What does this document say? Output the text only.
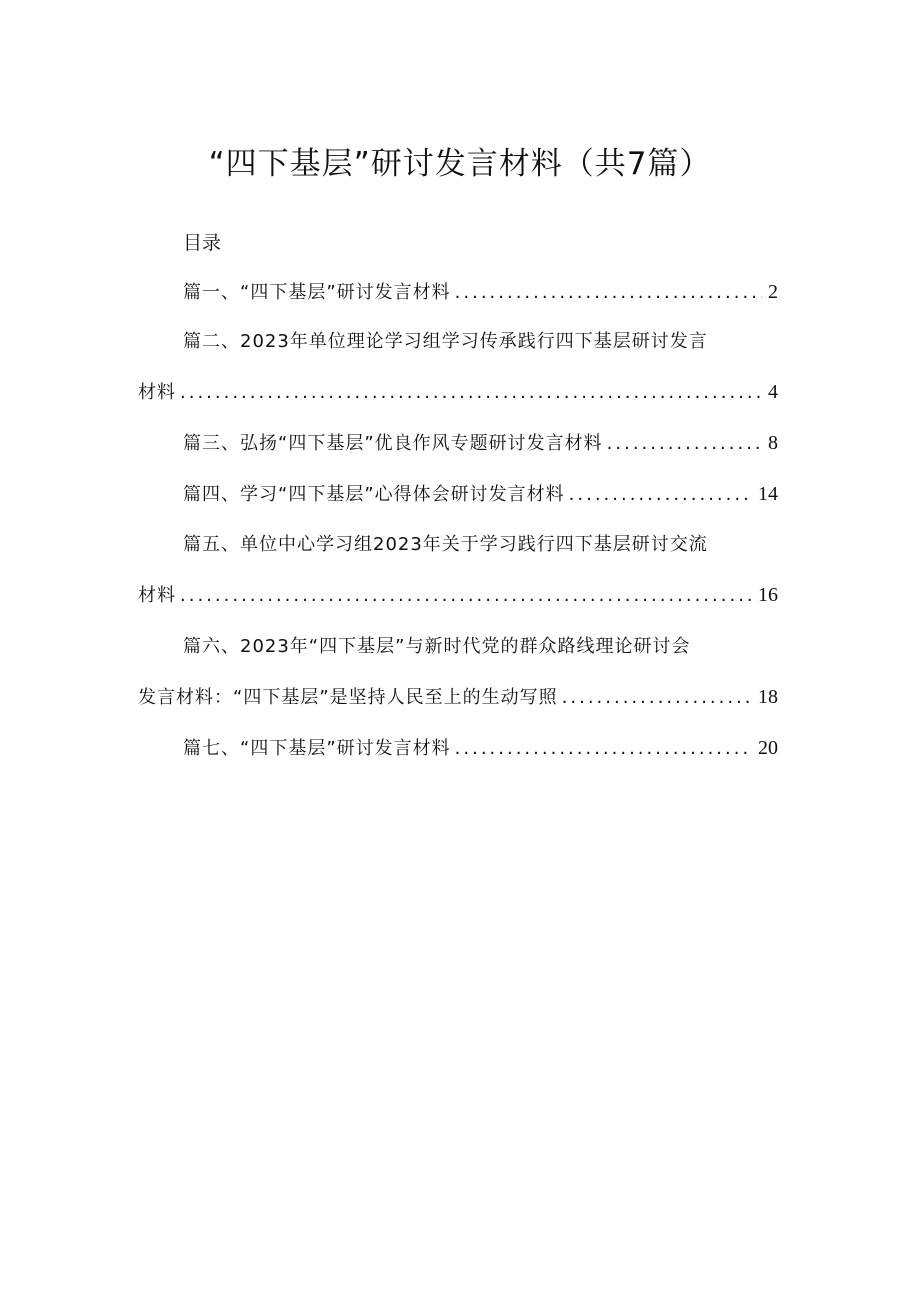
“四下基层”研讨发言材料（共7篇）
目录
篇一、“四下基层”研讨发言材料 .....	2
篇二、2023年单位理论学习组学习传承践行四下基层研讨发言
材料 .....	4
篇三、弘扬“四下基层”优良作风专题研讨发言材料 .....	8
篇四、学习“四下基层”心得体会研讨发言材料 .....	14
篇五、单位中心学习组2023年关于学习践行四下基层研讨交流
材料 .....	16
篇六、2023年“四下基层”与新时代党的群众路线理论研讨会
发言材料：“四下基层”是坚持人民至上的生动写照 .....	18
篇七、“四下基层”研讨发言材料 .....	20
